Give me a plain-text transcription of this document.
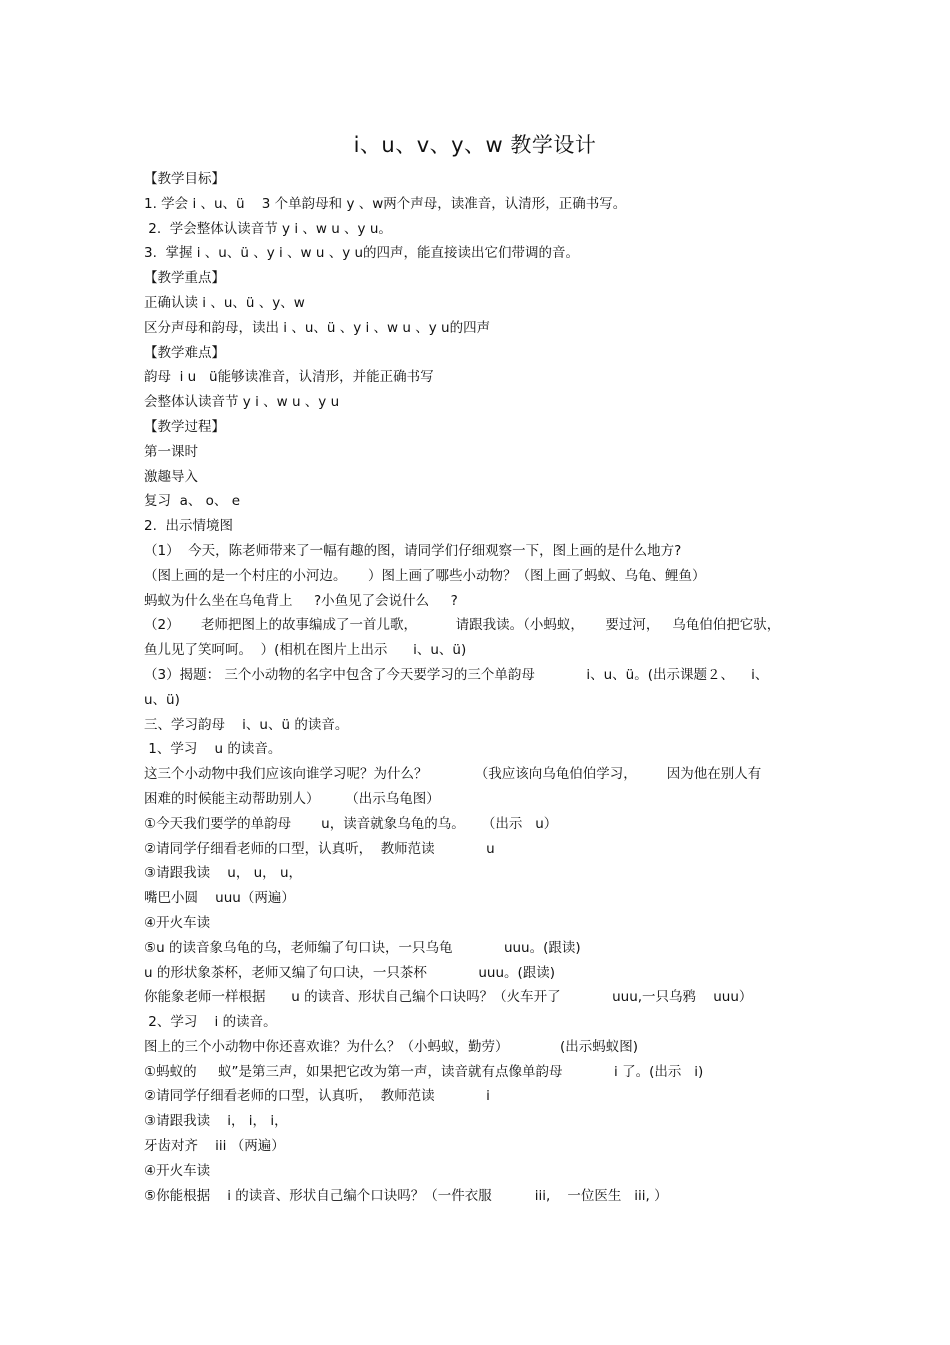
i、u、v、y、w 教学设计
【教学目标】
1. 学会 i 、u、ü    3 个单韵母和 y 、w两个声母，读准音，认清形，正确书写。
2.  学会整体认读音节 y i 、w u 、y u。
3.  掌握 i 、u、ü 、y i 、w u 、y u的四声，能直接读出它们带调的音。
【教学重点】
正确认读 i 、u、ü 、y、w
区分声母和韵母，读出 i 、u、ü 、y i 、w u 、y u的四声
【教学难点】
韵母  i u   ü能够读准音，认清形，并能正确书写
会整体认读音节 y i 、w u 、y u
【教学过程】
第一课时
激趣导入
复习  a、 o、 e
2.  出示情境图
（1）  今天，陈老师带来了一幅有趣的图，请同学们仔细观察一下，图上画的是什么地方?
（图上画的是一个村庄的小河边。     ）图上画了哪些小动物？（图上画了蚂蚁、乌龟、鲤鱼）
蚂蚁为什么坐在乌龟背上     ?小鱼见了会说什么     ?
（2）     老师把图上的故事编成了一首儿歌，         请跟我读。（小蚂蚁，     要过河，   乌龟伯伯把它驮，
鱼儿见了笑呵呵。  ）(相机在图片上出示      i、u、ü)
（3）揭题： 三个小动物的名字中包含了今天要学习的三个单韵母            i、u、ü。(出示课题２、    i、
u、ü)
三、学习韵母    i、u、ü 的读音。
1、学习    u 的读音。
这三个小动物中我们应该向谁学习呢？为什么？           （我应该向乌龟伯伯学习，       因为他在别人有
困难的时候能主动帮助别人）      （出示乌龟图）
①今天我们要学的单韵母       u，读音就象乌龟的乌。    （出示   u）
②请同学仔细看老师的口型，认真听，  教师范读            u
③请跟我读    u， u， u，
嘴巴小圆    uuu（两遍）
④开火车读
⑤u 的读音象乌龟的乌，老师编了句口诀，一只乌龟            uuu。(跟读)
u 的形状象茶杯，老师又编了句口诀，一只茶杯            uuu。(跟读)
你能象老师一样根据      u 的读音、形状自己编个口诀吗？（火车开了            uuu,一只乌鸦    uuu）
2、学习    i 的读音。
图上的三个小动物中你还喜欢谁？为什么？（小蚂蚁，勤劳）            (出示蚂蚁图)
①蚂蚁的     蚁”是第三声，如果把它改为第一声，读音就有点像单韵母            i 了。(出示   i)
②请同学仔细看老师的口型，认真听，  教师范读            i
③请跟我读    i， i， i，
牙齿对齐    iii （两遍）
④开火车读
⑤你能根据    i 的读音、形状自己编个口诀吗？（一件衣服          iii,    一位医生   iii, ）
